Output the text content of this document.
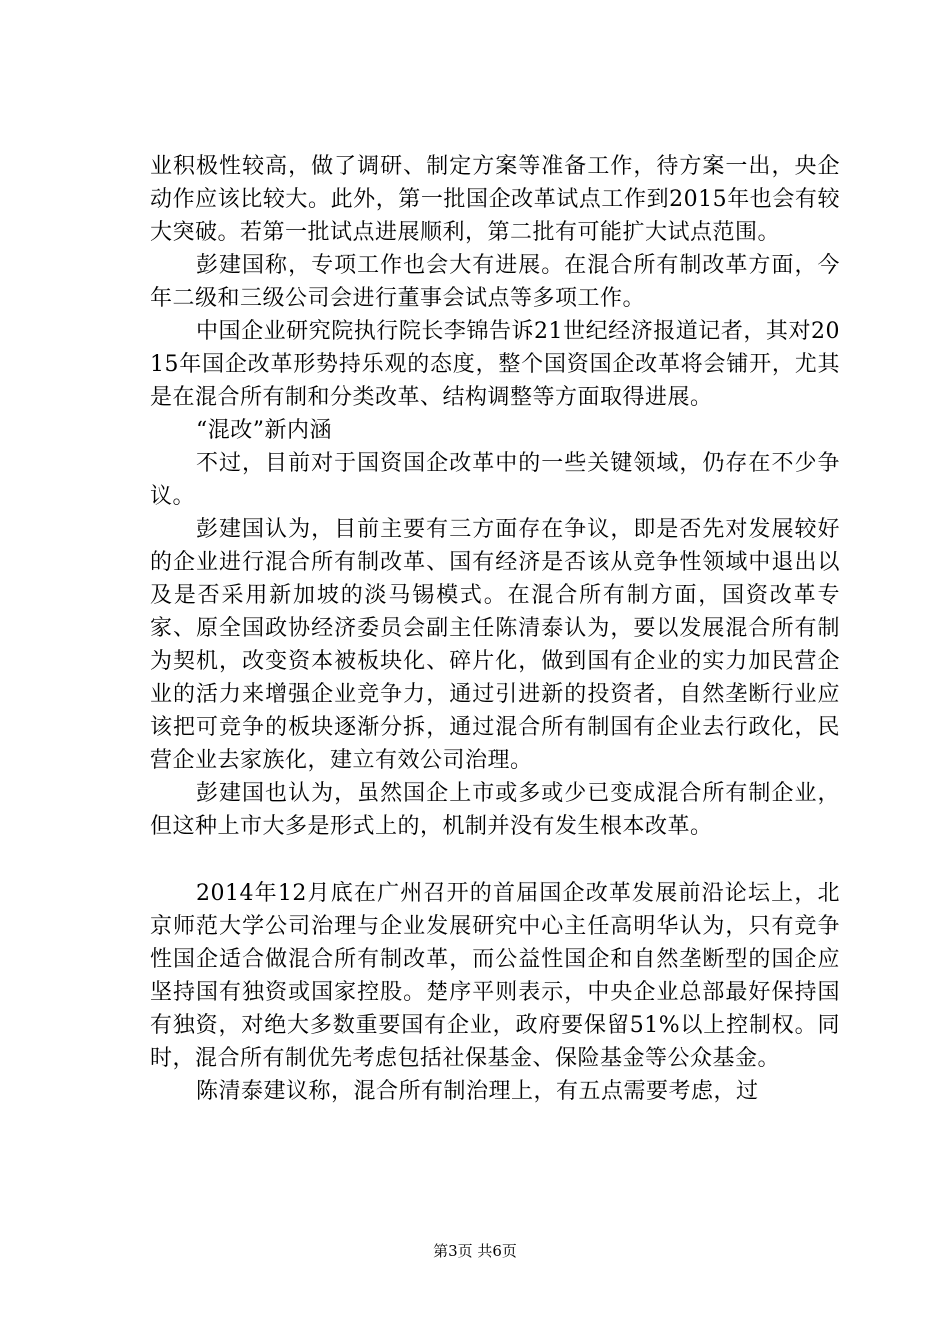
业积极性较高，做了调研、制定方案等准备工作，待方案一出，央企动作应该比较大。此外，第一批国企改革试点工作到2015年也会有较大突破。若第一批试点进展顺利，第二批有可能扩大试点范围。

彭建国称，专项工作也会大有进展。在混合所有制改革方面，今年二级和三级公司会进行董事会试点等多项工作。

中国企业研究院执行院长李锦告诉21世纪经济报道记者，其对2015年国企改革形势持乐观的态度，整个国资国企改革将会铺开，尤其是在混合所有制和分类改革、结构调整等方面取得进展。

“混改”新内涵

不过，目前对于国资国企改革中的一些关键领域，仍存在不少争议。

彭建国认为，目前主要有三方面存在争议，即是否先对发展较好的企业进行混合所有制改革、国有经济是否该从竞争性领域中退出以及是否采用新加坡的淡马锡模式。在混合所有制方面，国资改革专家、原全国政协经济委员会副主任陈清泰认为，要以发展混合所有制为契机，改变资本被板块化、碎片化，做到国有企业的实力加民营企业的活力来增强企业竞争力，通过引进新的投资者，自然垄断行业应该把可竞争的板块逐渐分拆，通过混合所有制国有企业去行政化，民营企业去家族化，建立有效公司治理。

彭建国也认为，虽然国企上市或多或少已变成混合所有制企业，但这种上市大多是形式上的，机制并没有发生根本改革。

2014年12月底在广州召开的首届国企改革发展前沿论坛上，北京师范大学公司治理与企业发展研究中心主任高明华认为，只有竞争性国企适合做混合所有制改革，而公益性国企和自然垄断型的国企应坚持国有独资或国家控股。楚序平则表示，中央企业总部最好保持国有独资，对绝大多数重要国有企业，政府要保留51%以上控制权。同时，混合所有制优先考虑包括社保基金、保险基金等公众基金。

陈清泰建议称，混合所有制治理上，有五点需要考虑，过

第3页 共6页
